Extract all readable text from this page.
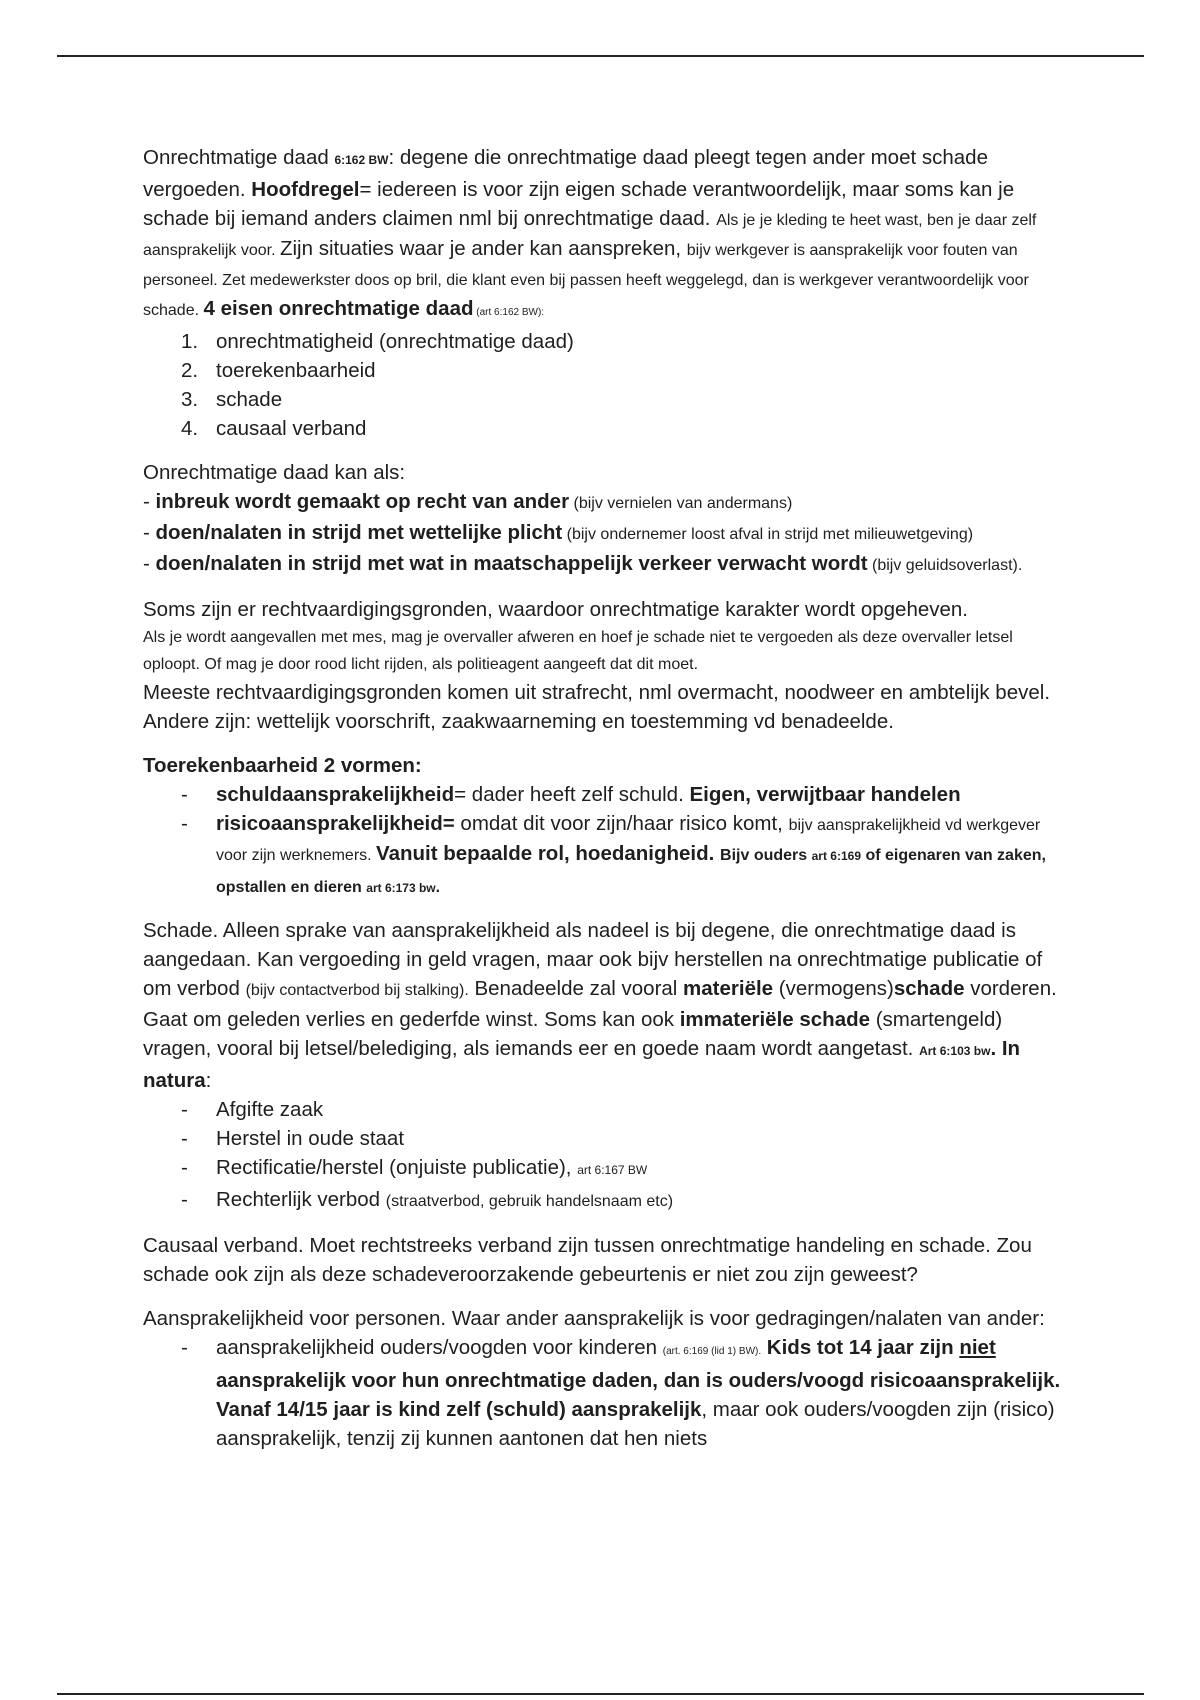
Onrechtmatige daad 6:162 BW: degene die onrechtmatige daad pleegt tegen ander moet schade vergoeden. Hoofdregel= iedereen is voor zijn eigen schade verantwoordelijk, maar soms kan je schade bij iemand anders claimen nml bij onrechtmatige daad. Als je je kleding te heet wast, ben je daar zelf aansprakelijk voor. Zijn situaties waar je ander kan aanspreken, bijv werkgever is aansprakelijk voor fouten van personeel. Zet medewerkster doos op bril, die klant even bij passen heeft weggelegd, dan is werkgever verantwoordelijk voor schade. 4 eisen onrechtmatige daad (art 6:162 BW):

1. onrechtmatigheid (onrechtmatige daad)
2. toerekenbaarheid
3. schade
4. causaal verband

Onrechtmatige daad kan als:

- inbreuk wordt gemaakt op recht van ander (bijv vernielen van andermans)

- doen/nalaten in strijd met wettelijke plicht (bijv ondernemer loost afval in strijd met milieuwetgeving)

- doen/nalaten in strijd met wat in maatschappelijk verkeer verwacht wordt (bijv geluidsoverlast).

Soms zijn er rechtvaardigingsgronden, waardoor onrechtmatige karakter wordt opgeheven.

Als je wordt aangevallen met mes, mag je overvaller afweren en hoef je schade niet te vergoeden als deze overvaller letsel oploopt. Of mag je door rood licht rijden, als politieagent aangeeft dat dit moet.

Meeste rechtvaardigingsgronden komen uit strafrecht, nml overmacht, noodweer en ambtelijk bevel. Andere zijn: wettelijk voorschrift, zaakwaarneming en toestemming vd benadeelde.

Toerekenbaarheid 2 vormen:

- schuldaansprakelijkheid= dader heeft zelf schuld. Eigen, verwijtbaar handelen
- risicoaansprakelijkheid= omdat dit voor zijn/haar risico komt, bijv aansprakelijkheid vd werkgever voor zijn werknemers. Vanuit bepaalde rol, hoedanigheid. Bijv ouders art 6:169 of eigenaren van zaken, opstallen en dieren art 6:173 bw.

Schade. Alleen sprake van aansprakelijkheid als nadeel is bij degene, die onrechtmatige daad is aangedaan. Kan vergoeding in geld vragen, maar ook bijv herstellen na onrechtmatige publicatie of om verbod (bijv contactverbod bij stalking). Benadeelde zal vooral materiële (vermogens)schade vorderen. Gaat om geleden verlies en gederfde winst. Soms kan ook immateriële schade (smartengeld) vragen, vooral bij letsel/belediging, als iemands eer en goede naam wordt aangetast. Art 6:103 bw. In natura:

- Afgifte zaak
- Herstel in oude staat
- Rectificatie/herstel (onjuiste publicatie), art 6:167 BW
- Rechterlijk verbod (straatverbod, gebruik handelsnaam etc)

Causaal verband. Moet rechtstreeks verband zijn tussen onrechtmatige handeling en schade. Zou schade ook zijn als deze schadeveroorzakende gebeurtenis er niet zou zijn geweest?

Aansprakelijkheid voor personen. Waar ander aansprakelijk is voor gedragingen/nalaten van ander:

- aansprakelijkheid ouders/voogden voor kinderen (art. 6:169 (lid 1) BW). Kids tot 14 jaar zijn niet aansprakelijk voor hun onrechtmatige daden, dan is ouders/voogd risicoaansprakelijk. Vanaf 14/15 jaar is kind zelf (schuld) aansprakelijk, maar ook ouders/voogden zijn (risico) aansprakelijk, tenzij zij kunnen aantonen dat hen niets
